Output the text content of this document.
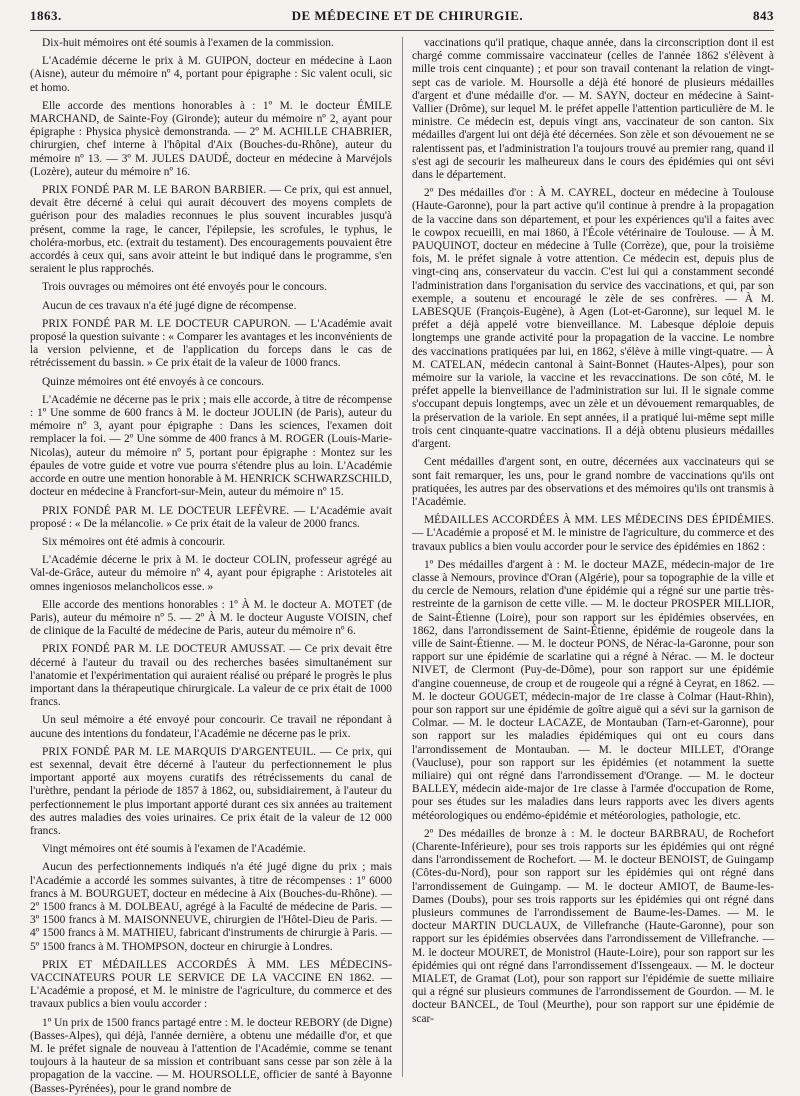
1863.	DE MÉDECINE ET DE CHIRURGIE.	843

Dix-huit mémoires ont été soumis à l'examen de la commission.

L'Académie décerne le prix à M. GUIPON, docteur en médecine à Laon (Aisne), auteur du mémoire nº 4, portant pour épigraphe : Sic valent oculi, sic et homo.

Elle accorde des mentions honorables à : 1º M. le docteur ÉMILE MARCHAND, de Sainte-Foy (Gironde); auteur du mémoire nº 2, ayant pour épigraphe : Physica physicè demonstranda. — 2º M. ACHILLE CHABRIER, chirurgien, chef interne à l'hôpital d'Aix (Bouches-du-Rhône), auteur du mémoire nº 13. — 3º M. JULES DAUDÉ, docteur en médecine à Marvéjols (Lozère), auteur du mémoire nº 16.

PRIX FONDÉ PAR M. LE BARON BARBIER. — Ce prix, qui est annuel, devait être décerné à celui qui aurait découvert des moyens complets de guérison pour des maladies reconnues le plus souvent incurables jusqu'à présent, comme la rage, le cancer, l'épilepsie, les scrofules, le typhus, le choléra-morbus, etc. (extrait du testament). Des encouragements pouvaient être accordés à ceux qui, sans avoir atteint le but indiqué dans le programme, s'en seraient le plus rapprochés.

Trois ouvrages ou mémoires ont été envoyés pour le concours.

Aucun de ces travaux n'a été jugé digne de récompense.

PRIX FONDÉ PAR M. LE DOCTEUR CAPURON. — L'Académie avait proposé la question suivante : « Comparer les avantages et les inconvénients de la version pelvienne, et de l'application du forceps dans le cas de rétrécissement du bassin. » Ce prix était de la valeur de 1000 francs.

Quinze mémoires ont été envoyés à ce concours.

L'Académie ne décerne pas le prix ; mais elle accorde, à titre de récompense : 1º Une somme de 600 francs à M. le docteur JOULIN (de Paris), auteur du mémoire nº 3, ayant pour épigraphe : Dans les sciences, l'examen doit remplacer la foi. — 2º Une somme de 400 francs à M. ROGER (Louis-Marie-Nicolas), auteur du mémoire nº 5, portant pour épigraphe : Montez sur les épaules de votre guide et votre vue pourra s'étendre plus au loin. L'Académie accorde en outre une mention honorable à M. HENRICK SCHWARZSCHILD, docteur en médecine à Francfort-sur-Mein, auteur du mémoire nº 15.

PRIX FONDÉ PAR M. LE DOCTEUR LEFÈVRE. — L'Académie avait proposé : « De la mélancolie. » Ce prix était de la valeur de 2000 francs.

Six mémoires ont été admis à concourir.

L'Académie décerne le prix à M. le docteur COLIN, professeur agrégé au Val-de-Grâce, auteur du mémoire nº 4, ayant pour épigraphe : Aristoteles ait omnes ingeniosos melancholicos esse. »

Elle accorde des mentions honorables : 1º À M. le docteur A. MOTET (de Paris), auteur du mémoire nº 5. — 2º À M. le docteur Auguste VOISIN, chef de clinique de la Faculté de médecine de Paris, auteur du mémoire nº 6.

PRIX FONDÉ PAR M. LE DOCTEUR AMUSSAT. — Ce prix devait être décerné à l'auteur du travail ou des recherches basées simultanément sur l'anatomie et l'expérimentation qui auraient réalisé ou préparé le progrès le plus important dans la thérapeutique chirurgicale. La valeur de ce prix était de 1000 francs.

Un seul mémoire a été envoyé pour concourir. Ce travail ne répondant à aucune des intentions du fondateur, l'Académie ne décerne pas le prix.

PRIX FONDÉ PAR M. LE MARQUIS D'ARGENTEUIL. — Ce prix, qui est sexennal, devait être décerné à l'auteur du perfectionnement le plus important apporté aux moyens curatifs des rétrécissements du canal de l'urèthre, pendant la période de 1857 à 1862, ou, subsidiairement, à l'auteur du perfectionnement le plus important apporté durant ces six années au traitement des autres maladies des voies urinaires. Ce prix était de la valeur de 12 000 francs.

Vingt mémoires ont été soumis à l'examen de l'Académie.

Aucun des perfectionnements indiqués n'a été jugé digne du prix ; mais l'Académie a accordé les sommes suivantes, à titre de récompenses : 1º 6000 francs à M. BOURGUET, docteur en médecine à Aix (Bouches-du-Rhône). — 2º 1500 francs à M. DOLBEAU, agrégé à la Faculté de médecine de Paris. — 3º 1500 francs à M. MAISONNEUVE, chirurgien de l'Hôtel-Dieu de Paris. — 4º 1500 francs à M. MATHIEU, fabricant d'instruments de chirurgie à Paris. — 5º 1500 francs à M. THOMPSON, docteur en chirurgie à Londres.

PRIX ET MÉDAILLES ACCORDÉS À MM. LES MÉDECINS-VACCINATEURS POUR LE SERVICE DE LA VACCINE EN 1862. — L'Académie a proposé, et M. le ministre de l'agriculture, du commerce et des travaux publics a bien voulu accorder :

1º Un prix de 1500 francs partagé entre : M. le docteur REBORY (de Digne) (Basses-Alpes), qui déjà, l'année dernière, a obtenu une médaille d'or, et que M. le préfet signale de nouveau à l'attention de l'Académie, comme se tenant toujours à la hauteur de sa mission et contribuant sans cesse par son zèle à la propagation de la vaccine. — M. HOURSOLLE, officier de santé à Bayonne (Basses-Pyrénées), pour le grand nombre de

vaccinations qu'il pratique, chaque année, dans la circonscription dont il est chargé comme commissaire vaccinateur (celles de l'année 1862 s'élèvent à mille trois cent cinquante) ; et pour son travail contenant la relation de vingt-sept cas de variole. M. Hoursolle a déjà été honoré de plusieurs médailles d'argent et d'une médaille d'or. — M. SAYN, docteur en médecine à Saint-Vallier (Drôme), sur lequel M. le préfet appelle l'attention particulière de M. le ministre. Ce médecin est, depuis vingt ans, vaccinateur de son canton. Six médailles d'argent lui ont déjà été décernées. Son zèle et son dévouement ne se ralentissent pas, et l'administration l'a toujours trouvé au premier rang, quand il s'est agi de secourir les malheureux dans le cours des épidémies qui ont sévi dans le département.

2º Des médailles d'or : À M. CAYREL, docteur en médecine à Toulouse (Haute-Garonne), pour la part active qu'il continue à prendre à la propagation de la vaccine dans son département, et pour les expériences qu'il a faites avec le cowpox recueilli, en mai 1860, à l'École vétérinaire de Toulouse. — À M. PAUQUINOT, docteur en médecine à Tulle (Corrèze), que, pour la troisième fois, M. le préfet signale à votre attention. Ce médecin est, depuis plus de vingt-cinq ans, conservateur du vaccin. C'est lui qui a constamment secondé l'administration dans l'organisation du service des vaccinations, et qui, par son exemple, a soutenu et encouragé le zèle de ses confrères. — À M. LABESQUE (François-Eugène), à Agen (Lot-et-Garonne), sur lequel M. le préfet a déjà appelé votre bienveillance. M. Labesque déploie depuis longtemps une grande activité pour la propagation de la vaccine. Le nombre des vaccinations pratiquées par lui, en 1862, s'élève à mille vingt-quatre. — À M. CATELAN, médecin cantonal à Saint-Bonnet (Hautes-Alpes), pour son mémoire sur la variole, la vaccine et les revaccinations. De son côté, M. le préfet appelle la bienveillance de l'administration sur lui. Il le signale comme s'occupant depuis longtemps, avec un zèle et un dévouement remarquables, de la préservation de la variole. En sept années, il a pratiqué lui-même sept mille trois cent cinquante-quatre vaccinations. Il a déjà obtenu plusieurs médailles d'argent.

Cent médailles d'argent sont, en outre, décernées aux vaccinateurs qui se sont fait remarquer, les uns, pour le grand nombre de vaccinations qu'ils ont pratiquées, les autres par des observations et des mémoires qu'ils ont transmis à l'Académie.

MÉDAILLES ACCORDÉES À MM. LES MÉDECINS DES ÉPIDÉMIES. — L'Académie a proposé et M. le ministre de l'agriculture, du commerce et des travaux publics a bien voulu accorder pour le service des épidémies en 1862 :

1º Des médailles d'argent à : M. le docteur MAZE, médecin-major de 1re classe à Nemours, province d'Oran (Algérie), pour sa topographie de la ville et du cercle de Nemours, relation d'une épidémie qui a régné sur une partie très-restreinte de la garnison de cette ville. — M. le docteur PROSPER MILLIOR, de Saint-Étienne (Loire), pour son rapport sur les épidémies observées, en 1862, dans l'arrondissement de Saint-Étienne, épidémie de rougeole dans la ville de Saint-Étienne. — M. le docteur PONS, de Nérac-la-Garonne, pour son rapport sur une épidémie de scarlatine qui a régné à Nérac. — M. le docteur NIVET, de Clermont (Puy-de-Dôme), pour son rapport sur une épidémie d'angine couenneuse, de croup et de rougeole qui a régné à Ceyrat, en 1862. — M. le docteur GOUGET, médecin-major de 1re classe à Colmar (Haut-Rhin), pour son rapport sur une épidémie de goître aiguë qui a sévi sur la garnison de Colmar. — M. le docteur LACAZE, de Montauban (Tarn-et-Garonne), pour son rapport sur les maladies épidémiques qui ont eu cours dans l'arrondissement de Montauban. — M. le docteur MILLET, d'Orange (Vaucluse), pour son rapport sur les épidémies (et notamment la suette miliaire) qui ont régné dans l'arrondissement d'Orange. — M. le docteur BALLEY, médecin aide-major de 1re classe à l'armée d'occupation de Rome, pour ses études sur les maladies dans leurs rapports avec les divers agents météorologiques ou endémo-épidémie et météorologies, pathologie, etc.

2º Des médailles de bronze à : M. le docteur BARBRAU, de Rochefort (Charente-Inférieure), pour ses trois rapports sur les épidémies qui ont régné dans l'arrondissement de Rochefort. — M. le docteur BENOIST, de Guingamp (Côtes-du-Nord), pour son rapport sur les épidémies qui ont régné dans l'arrondissement de Guingamp. — M. le docteur AMIOT, de Baume-les-Dames (Doubs), pour ses trois rapports sur les épidémies qui ont régné dans plusieurs communes de l'arrondissement de Baume-les-Dames. — M. le docteur MARTIN DUCLAUX, de Villefranche (Haute-Garonne), pour son rapport sur les épidémies observées dans l'arrondissement de Villefranche. — M. le docteur MOURET, de Monistrol (Haute-Loire), pour son rapport sur les épidémies qui ont régné dans l'arrondissement d'Issengeaux. — M. le docteur MIALET, de Gramat (Lot), pour son rapport sur l'épidémie de suette miliaire qui a régné sur plusieurs communes de l'arrondissement de Gourdon. — M. le docteur BANCEL, de Toul (Meurthe), pour son rapport sur une épidémie de scar-
